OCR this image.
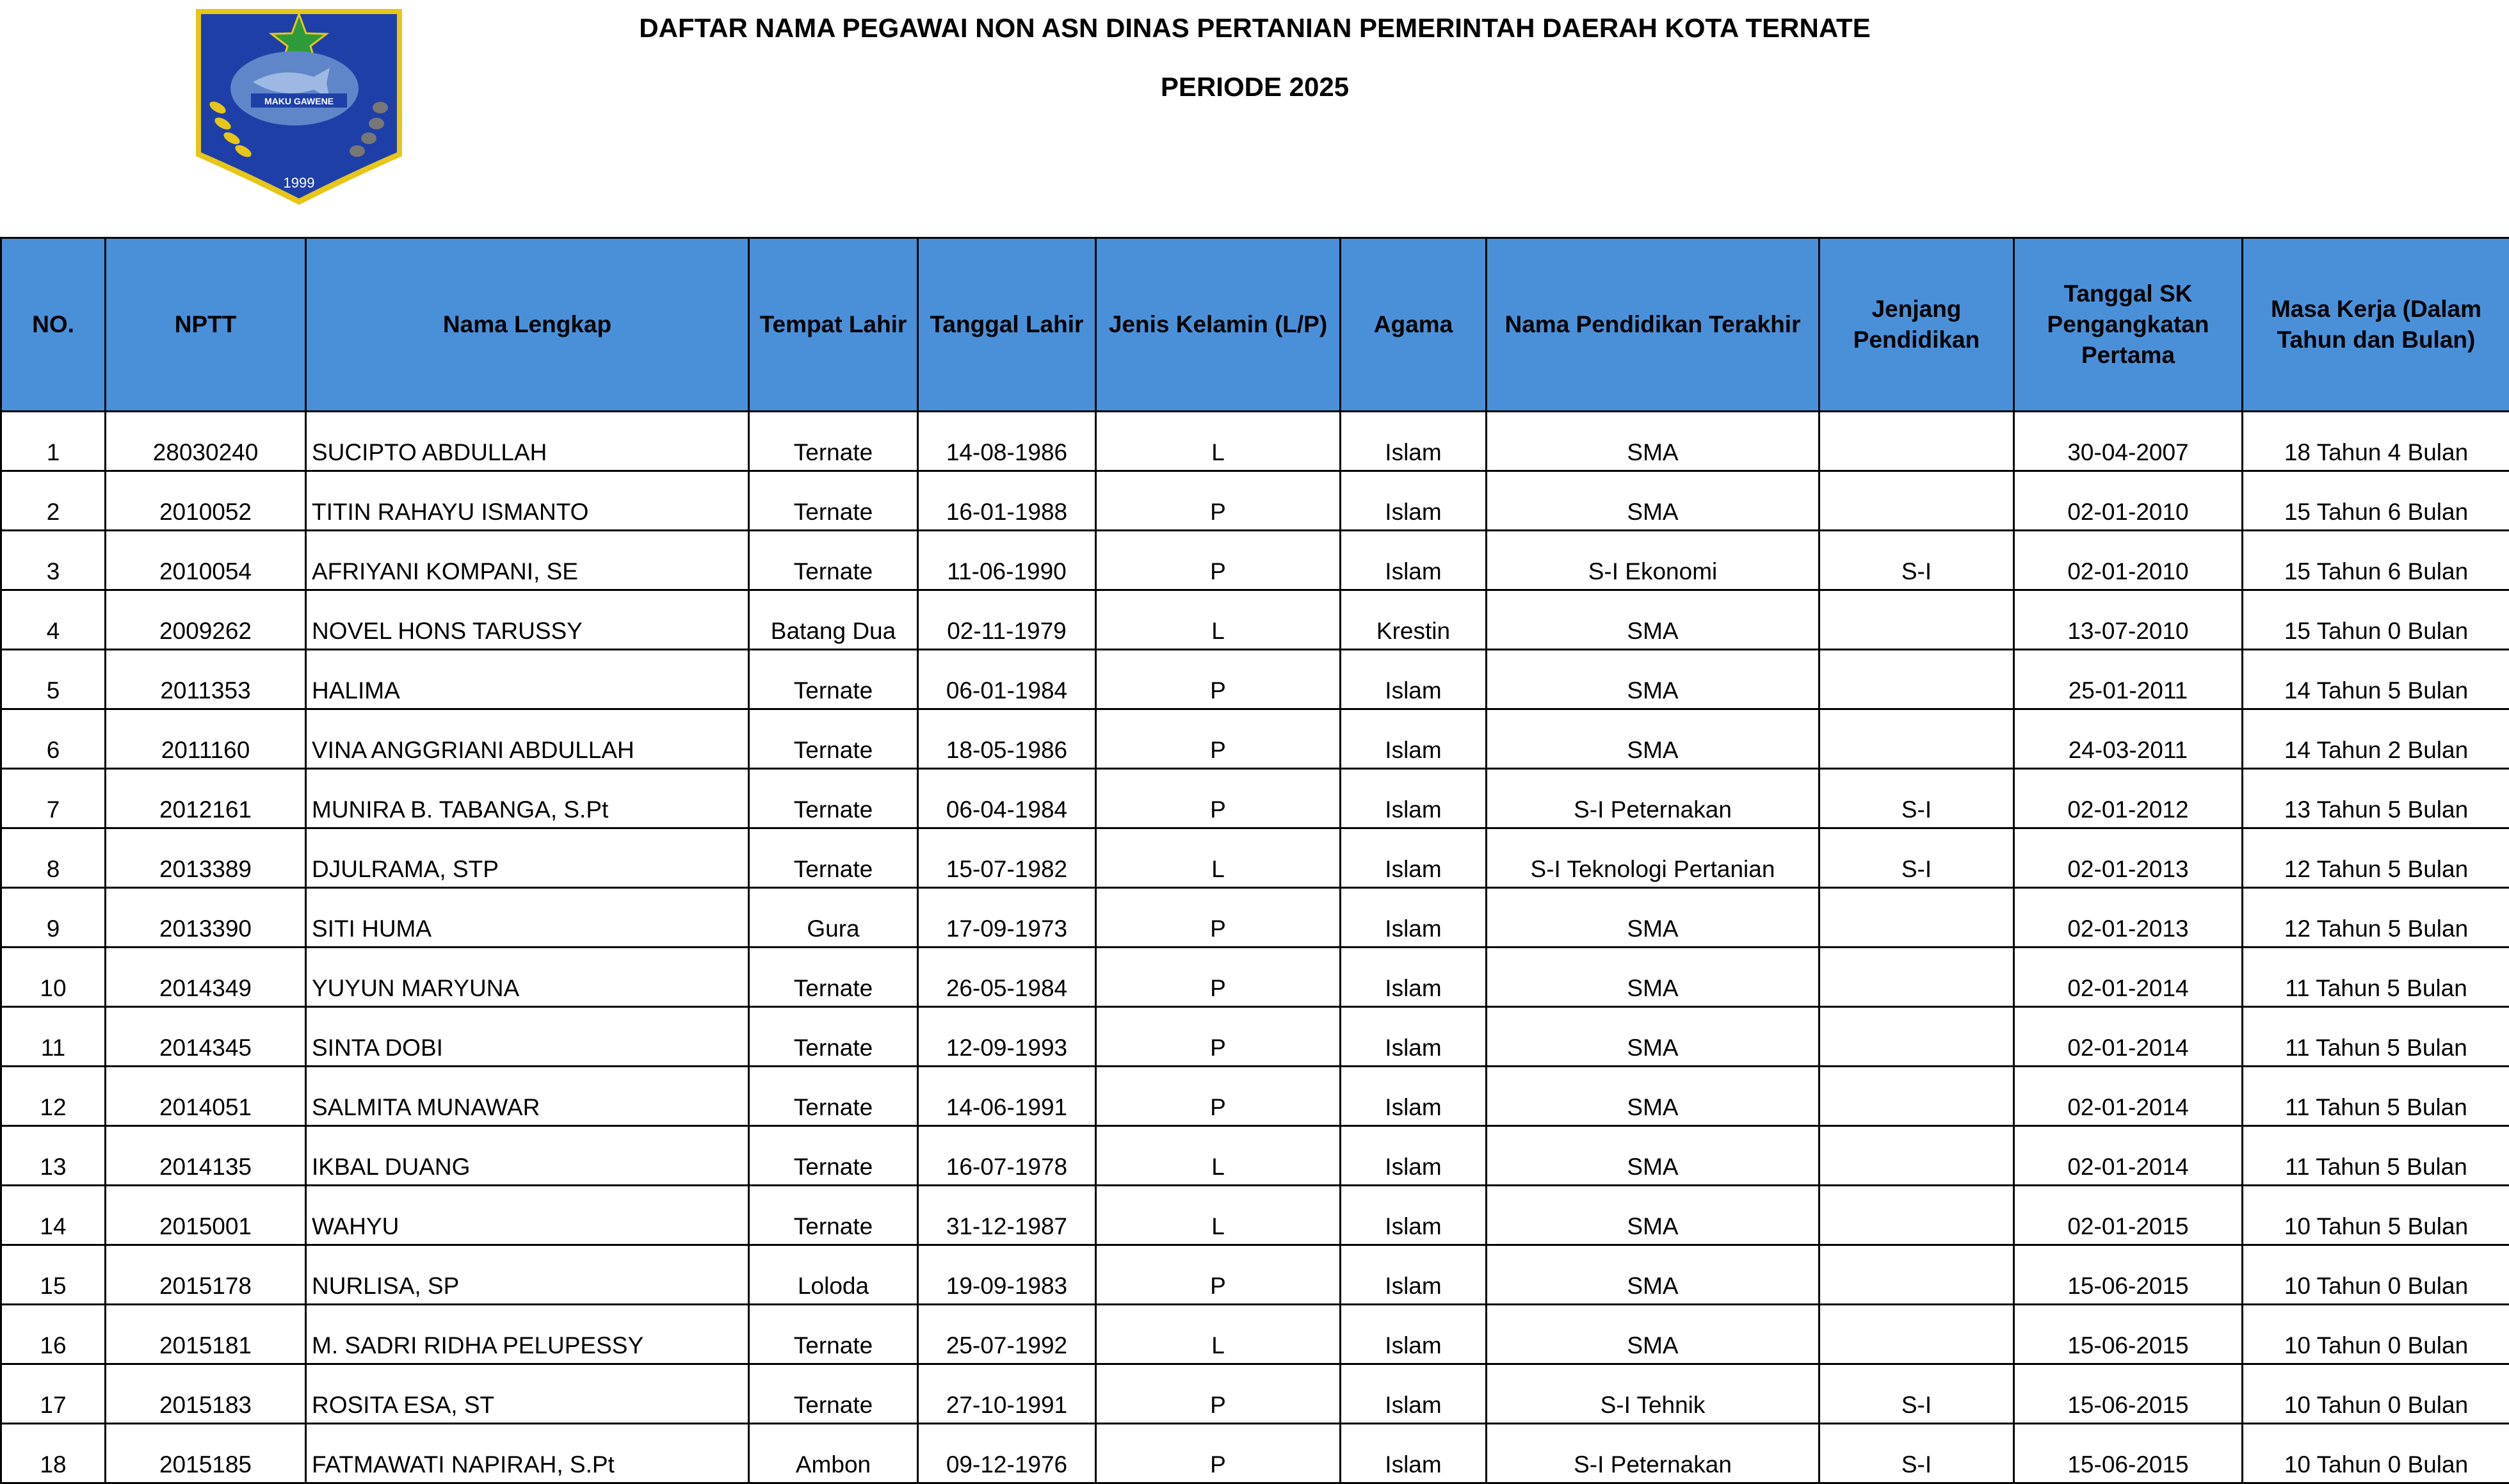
MAKU GAWENE
1999
DAFTAR NAMA PEGAWAI NON ASN DINAS PERTANIAN PEMERINTAH DAERAH KOTA TERNATE
PERIODE 2025
NO.	NPTT	Nama Lengkap	Tempat Lahir	Tanggal Lahir	Jenis Kelamin (L/P)	Agama	Nama Pendidikan Terakhir	Jenjang Pendidikan	Tanggal SK Pengangkatan Pertama	Masa Kerja (Dalam Tahun dan Bulan)
1	28030240	SUCIPTO ABDULLAH	Ternate	14-08-1986	L	Islam	SMA		30-04-2007	18 Tahun 4 Bulan
2	2010052	TITIN RAHAYU ISMANTO	Ternate	16-01-1988	P	Islam	SMA		02-01-2010	15 Tahun 6 Bulan
3	2010054	AFRIYANI KOMPANI, SE	Ternate	11-06-1990	P	Islam	S-I Ekonomi	S-I	02-01-2010	15 Tahun 6 Bulan
4	2009262	NOVEL HONS TARUSSY	Batang Dua	02-11-1979	L	Krestin	SMA		13-07-2010	15 Tahun 0 Bulan
5	2011353	HALIMA	Ternate	06-01-1984	P	Islam	SMA		25-01-2011	14 Tahun 5 Bulan
6	2011160	VINA ANGGRIANI ABDULLAH	Ternate	18-05-1986	P	Islam	SMA		24-03-2011	14 Tahun 2 Bulan
7	2012161	MUNIRA B. TABANGA, S.Pt	Ternate	06-04-1984	P	Islam	S-I Peternakan	S-I	02-01-2012	13 Tahun 5 Bulan
8	2013389	DJULRAMA, STP	Ternate	15-07-1982	L	Islam	S-I Teknologi Pertanian	S-I	02-01-2013	12 Tahun 5 Bulan
9	2013390	SITI HUMA	Gura	17-09-1973	P	Islam	SMA		02-01-2013	12 Tahun 5 Bulan
10	2014349	YUYUN MARYUNA	Ternate	26-05-1984	P	Islam	SMA		02-01-2014	11 Tahun 5 Bulan
11	2014345	SINTA DOBI	Ternate	12-09-1993	P	Islam	SMA		02-01-2014	11 Tahun 5 Bulan
12	2014051	SALMITA MUNAWAR	Ternate	14-06-1991	P	Islam	SMA		02-01-2014	11 Tahun 5 Bulan
13	2014135	IKBAL DUANG	Ternate	16-07-1978	L	Islam	SMA		02-01-2014	11 Tahun 5 Bulan
14	2015001	WAHYU	Ternate	31-12-1987	L	Islam	SMA		02-01-2015	10 Tahun 5 Bulan
15	2015178	NURLISA, SP	Loloda	19-09-1983	P	Islam	SMA		15-06-2015	10 Tahun 0 Bulan
16	2015181	M. SADRI RIDHA PELUPESSY	Ternate	25-07-1992	L	Islam	SMA		15-06-2015	10 Tahun 0 Bulan
17	2015183	ROSITA ESA, ST	Ternate	27-10-1991	P	Islam	S-I Tehnik	S-I	15-06-2015	10 Tahun 0 Bulan
18	2015185	FATMAWATI NAPIRAH, S.Pt	Ambon	09-12-1976	P	Islam	S-I Peternakan	S-I	15-06-2015	10 Tahun 0 Bulan
